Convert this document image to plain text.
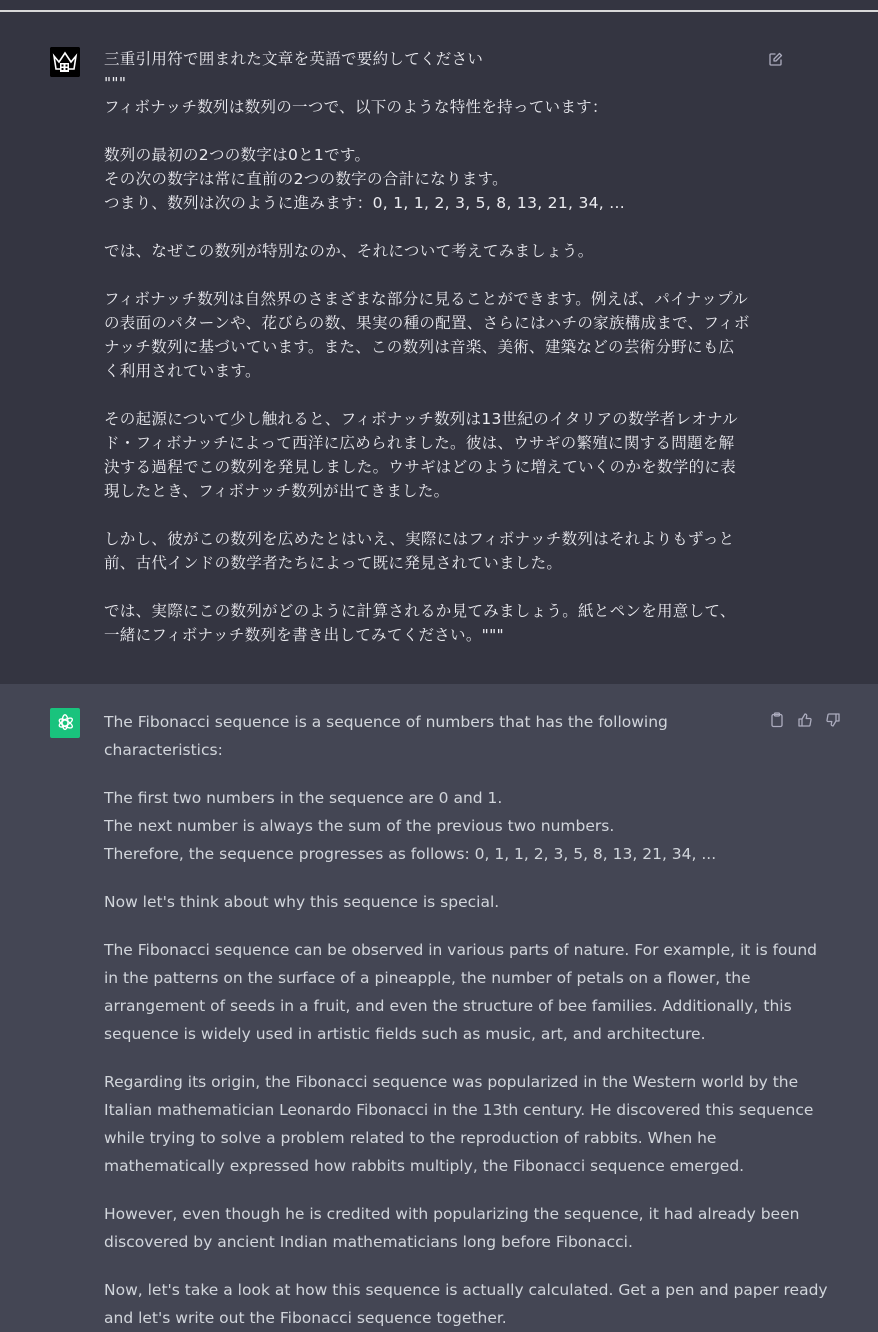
三重引用符で囲まれた文章を英語で要約してください
"""
フィボナッチ数列は数列の一つで、以下のような特性を持っています：
数列の最初の2つの数字は0と1です。
その次の数字は常に直前の2つの数字の合計になります。
つまり、数列は次のように進みます：0, 1, 1, 2, 3, 5, 8, 13, 21, 34, ...
では、なぜこの数列が特別なのか、それについて考えてみましょう。
フィボナッチ数列は自然界のさまざまな部分に見ることができます。例えば、パイナップル
の表面のパターンや、花びらの数、果実の種の配置、さらにはハチの家族構成まで、フィボ
ナッチ数列に基づいています。また、この数列は音楽、美術、建築などの芸術分野にも広
く利用されています。
その起源について少し触れると、フィボナッチ数列は13世紀のイタリアの数学者レオナル
ド・フィボナッチによって西洋に広められました。彼は、ウサギの繁殖に関する問題を解
決する過程でこの数列を発見しました。ウサギはどのように増えていくのかを数学的に表
現したとき、フィボナッチ数列が出てきました。
しかし、彼がこの数列を広めたとはいえ、実際にはフィボナッチ数列はそれよりもずっと
前、古代インドの数学者たちによって既に発見されていました。
では、実際にこの数列がどのように計算されるか見てみましょう。紙とペンを用意して、
一緒にフィボナッチ数列を書き出してみてください。"""
The Fibonacci sequence is a sequence of numbers that has the following characteristics:
The first two numbers in the sequence are 0 and 1.
The next number is always the sum of the previous two numbers.
Therefore, the sequence progresses as follows: 0, 1, 1, 2, 3, 5, 8, 13, 21, 34, ...
Now let's think about why this sequence is special.
The Fibonacci sequence can be observed in various parts of nature. For example, it is found
in the patterns on the surface of a pineapple, the number of petals on a flower, the
arrangement of seeds in a fruit, and even the structure of bee families. Additionally, this
sequence is widely used in artistic fields such as music, art, and architecture.
Regarding its origin, the Fibonacci sequence was popularized in the Western world by the
Italian mathematician Leonardo Fibonacci in the 13th century. He discovered this sequence
while trying to solve a problem related to the reproduction of rabbits. When he
mathematically expressed how rabbits multiply, the Fibonacci sequence emerged.
However, even though he is credited with popularizing the sequence, it had already been
discovered by ancient Indian mathematicians long before Fibonacci.
Now, let's take a look at how this sequence is actually calculated. Get a pen and paper ready
and let's write out the Fibonacci sequence together.
